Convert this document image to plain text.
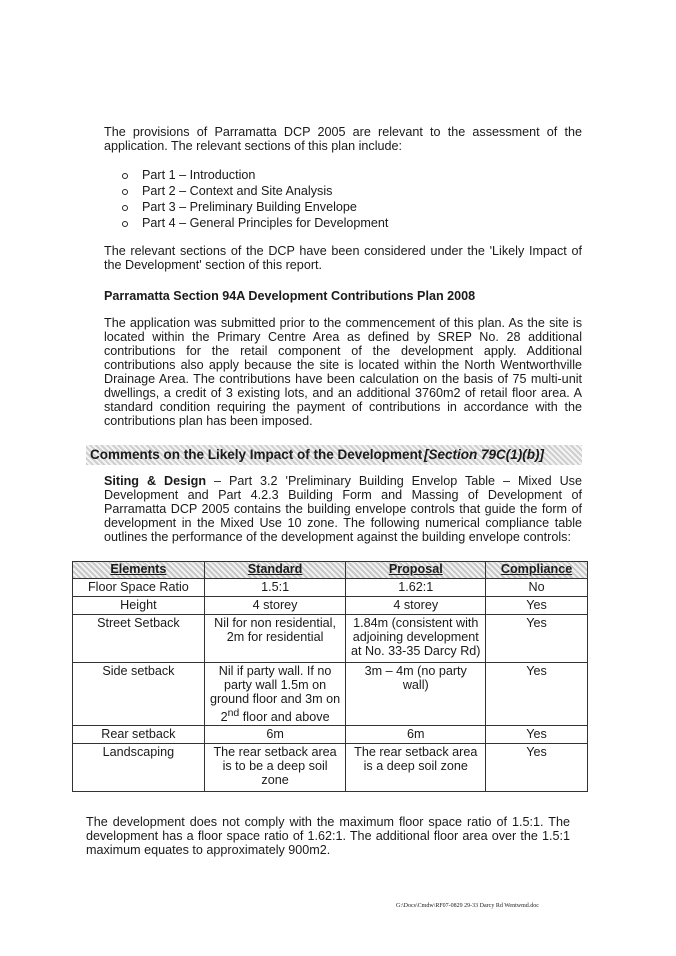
The provisions of Parramatta DCP 2005 are relevant to the assessment of the application. The relevant sections of this plan include:

Part 1 – Introduction
Part 2 – Context and Site Analysis
Part 3 – Preliminary Building Envelope
Part 4 – General Principles for Development

The relevant sections of the DCP have been considered under the 'Likely Impact of the Development' section of this report.

Parramatta Section 94A Development Contributions Plan 2008

The application was submitted prior to the commencement of this plan. As the site is located within the Primary Centre Area as defined by SREP No. 28 additional contributions for the retail component of the development apply. Additional contributions also apply because the site is located within the North Wentworthville Drainage Area. The contributions have been calculation on the basis of 75 multi-unit dwellings, a credit of 3 existing lots, and an additional 3760m2 of retail floor area. A standard condition requiring the payment of contributions in accordance with the contributions plan has been imposed.

Comments on the Likely Impact of the Development [Section 79C(1)(b)]

Siting & Design – Part 3.2 'Preliminary Building Envelop Table – Mixed Use Development and Part 4.2.3 Building Form and Massing of Development of Parramatta DCP 2005 contains the building envelope controls that guide the form of development in the Mixed Use 10 zone. The following numerical compliance table outlines the performance of the development against the building envelope controls:

Elements	Standard	Proposal	Compliance
Floor Space Ratio	1.5:1	1.62:1	No
Height	4 storey	4 storey	Yes
Street Setback	Nil for non residential, 2m for residential	1.84m (consistent with adjoining development at No. 33-35 Darcy Rd)	Yes
Side setback	Nil if party wall. If no party wall 1.5m on ground floor and 3m on 2nd floor and above	3m – 4m (no party wall)	Yes
Rear setback	6m	6m	Yes
Landscaping	The rear setback area is to be a deep soil zone	The rear setback area is a deep soil zone	Yes

The development does not comply with the maximum floor space ratio of 1.5:1. The development has a floor space ratio of 1.62:1. The additional floor area over the 1.5:1 maximum equates to approximately 900m2.

G:\Docs\Cmdw\RF07-0829 29-33 Darcy Rd Wentwmd.doc
